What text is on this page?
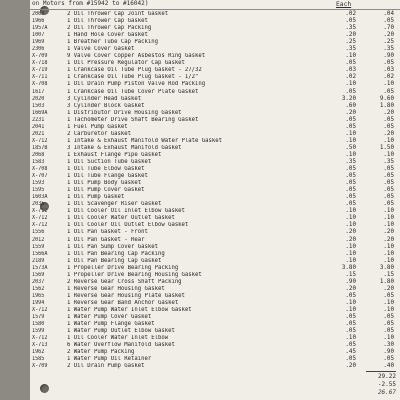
on Motors from #15942 to #16042)	Each
2063	2 Oil Thrower Cap Joint Gasket	.02	.04
1966	1 Oil Thrower Cap Gasket	.05	.05
1957A	2 Oil Thrower Cap Packing	.35	.70
1007	1 Hand Hole Cover Gasket	.20	.20
1969	1 Breather Tube Cap Packing	.25	.25
2306	1 Valve Cover Gasket	.35	.35
X-709	9 Valve Cover Copper Asbestos Ring Gasket	.10	.90
X-718	1 Oil Pressure Regulator Cap Gasket	.05	.05
X-719	1 Crankcase Oil Tube Plug Gasket - 27/32	.03	.03
X-711	1 Crankcase Oil Tube Plug Gasket - 1/2"	.02	.02
X-708	1 Oil Drain Pump Piston Valve Rod Packing	.10	.10
1617	1 Crankcase Oil Tube Cover Plate Gasket	.05	.05
2020	3 Cylinder Head Gasket	3.20	9.60
1503	3 Cylinder Block Gasket	.60	1.80
1669A	1 Distributor Drive Housing Gasket	.20	.20
2231	1 Tachometer Drive Shaft Bearing Gasket	.05	.05
2041	1 Fuel Pump Gasket	.05	.05
2021	2 Carburetor Gasket	.10	.20
X-712	1 Intake & Exhaust Manifold Water Plate Gasket	.10	.10
1857B	3 Intake & Exhaust Manifold Gasket	.50	1.50
2068	1 Exhaust Flange Pipe Gasket	.10	.10
1583	1 Oil Suction Tube Gasket	.35	.35
X-708	1 Oil Tube Elbow Gasket	.05	.05
X-707	1 Oil Tube Flange Gasket	.05	.05
1593	1 Oil Pump Body Gasket	.05	.05
1595	1 Oil Pump Cover Gasket	.05	.05
1603A	1 Oil Pump Gasket	.05	.05
2035	1 Oil Scavenger Riser Gasket	.05	.05
X-712	1 Oil Cooler Oil Inlet Elbow Gasket	.10	.10
X-712	1 Oil Cooler Water Outlet Gasket	.10	.10
X-712	1 Oil Cooler Oil Outlet Elbow Gasket	.10	.10
1556	1 Oil Pan Gasket - Front	.20	.20
2012	1 Oil Pan Gasket - Rear	.20	.20
1559	1 Oil Pan Sump Cover Gasket	.10	.10
1566A	1 Oil Pan Bearing Cap Packing	.10	.10
2189	1 Oil Pan Bearing Cap Gasket	.10	.10
1573A	1 Propeller Drive Bearing Packing	3.80	3.80
1569	1 Propeller Drive Bearing Housing Gasket	.15	.15
2037	2 Reverse Gear Cross Shaft Packing	.90	1.80
1562	1 Reverse Gear Housing Gasket	.20	.20
1965	1 Reverse Gear Housing Plate Gasket	.05	.05
1994	1 Reverse Gear Band Anchor Gasket	.10	.10
X-712	1 Water Pump Water Inlet Elbow Gasket	.10	.10
1579	1 Water Pump Cover Gasket	.05	.05
1580	1 Water Pump Flange Gasket	.05	.05
1599	1 Water Pump Outlet Elbow Gasket	.05	.05
X-712	1 Oil Cooler Water Inlet Elbow	.10	.10
X-713	6 Water Overflow Manifold Gasket	.05	.30
1962	2 Water Pump Packing	.45	.90
1585	1 Water Pump Oil Retainer	.05	.05
X-709	2 Oil Drain Pump Gasket	.20	.40
29.22
-2.55
26.67
